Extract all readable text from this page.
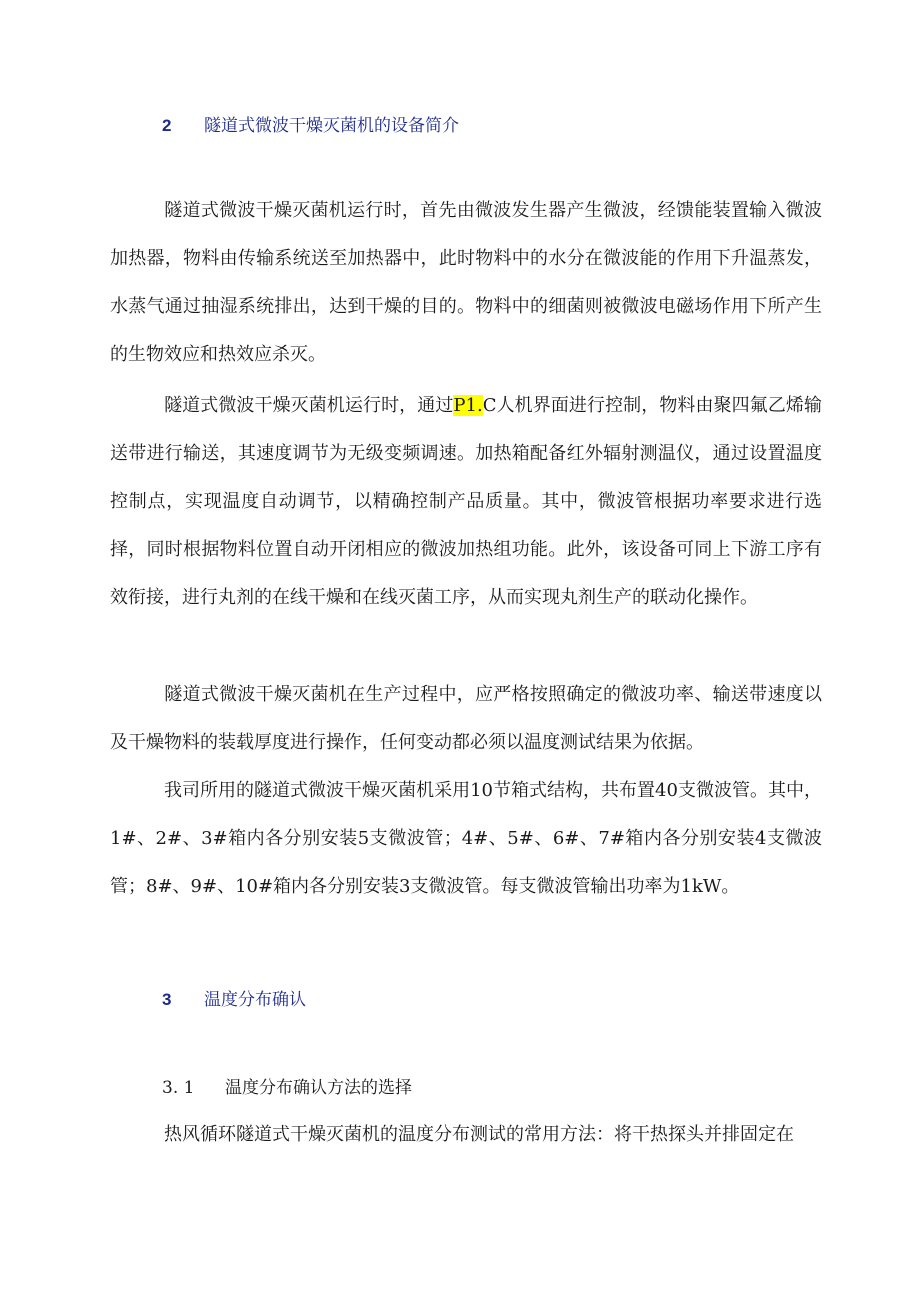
2 隧道式微波干燥灭菌机的设备简介
隧道式微波干燥灭菌机运行时，首先由微波发生器产生微波，经馈能装置输入微波加热器，物料由传输系统送至加热器中，此时物料中的水分在微波能的作用下升温蒸发，水蒸气通过抽湿系统排出，达到干燥的目的。物料中的细菌则被微波电磁场作用下所产生的生物效应和热效应杀灭。
隧道式微波干燥灭菌机运行时，通过P1.C人机界面进行控制，物料由聚四氟乙烯输送带进行输送，其速度调节为无级变频调速。加热箱配备红外辐射测温仪，通过设置温度控制点，实现温度自动调节，以精确控制产品质量。其中，微波管根据功率要求进行选择，同时根据物料位置自动开闭相应的微波加热组功能。此外，该设备可同上下游工序有效衔接，进行丸剂的在线干燥和在线灭菌工序，从而实现丸剂生产的联动化操作。
隧道式微波干燥灭菌机在生产过程中，应严格按照确定的微波功率、输送带速度以及干燥物料的装载厚度进行操作，任何变动都必须以温度测试结果为依据。
我司所用的隧道式微波干燥灭菌机采用10节箱式结构，共布置40支微波管。其中，1#、2#、3#箱内各分别安装5支微波管；4#、5#、6#、7#箱内各分别安装4支微波管；8#、9#、10#箱内各分别安装3支微波管。每支微波管输出功率为1kW。
3 温度分布确认
3. 1 温度分布确认方法的选择
热风循环隧道式干燥灭菌机的温度分布测试的常用方法：将干热探头并排固定在
